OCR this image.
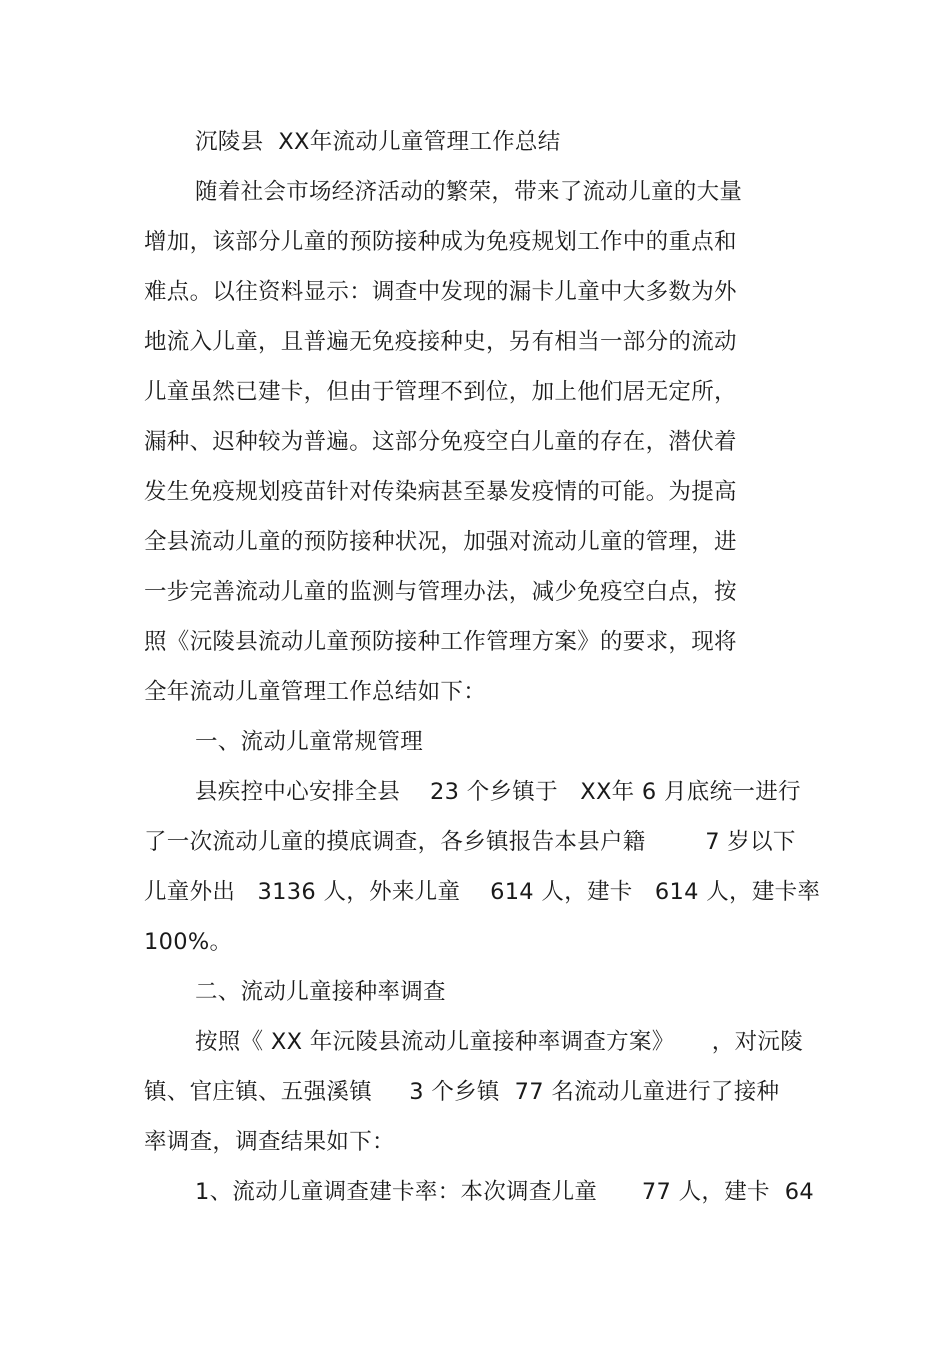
沉陵县  XX年流动儿童管理工作总结
随着社会市场经济活动的繁荣，带来了流动儿童的大量
增加，该部分儿童的预防接种成为免疫规划工作中的重点和
难点。以往资料显示：调查中发现的漏卡儿童中大多数为外
地流入儿童，且普遍无免疫接种史，另有相当一部分的流动
儿童虽然已建卡，但由于管理不到位，加上他们居无定所，
漏种、迟种较为普遍。这部分免疫空白儿童的存在，潜伏着
发生免疫规划疫苗针对传染病甚至暴发疫情的可能。为提高
全县流动儿童的预防接种状况，加强对流动儿童的管理，进
一步完善流动儿童的监测与管理办法，减少免疫空白点，按
照《沅陵县流动儿童预防接种工作管理方案》的要求，现将
全年流动儿童管理工作总结如下：
一、流动儿童常规管理
县疾控中心安排全县    23 个乡镇于   XX年 6 月底统一进行
了一次流动儿童的摸底调查，各乡镇报告本县户籍        7 岁以下
儿童外出   3136 人，外来儿童    614 人，建卡   614 人，建卡率
100%。
二、流动儿童接种率调查
按照《 XX 年沅陵县流动儿童接种率调查方案》     ，对沅陵
镇、官庄镇、五强溪镇     3 个乡镇  77 名流动儿童进行了接种
率调查，调查结果如下：
1、流动儿童调查建卡率：本次调查儿童      77 人，建卡  64
